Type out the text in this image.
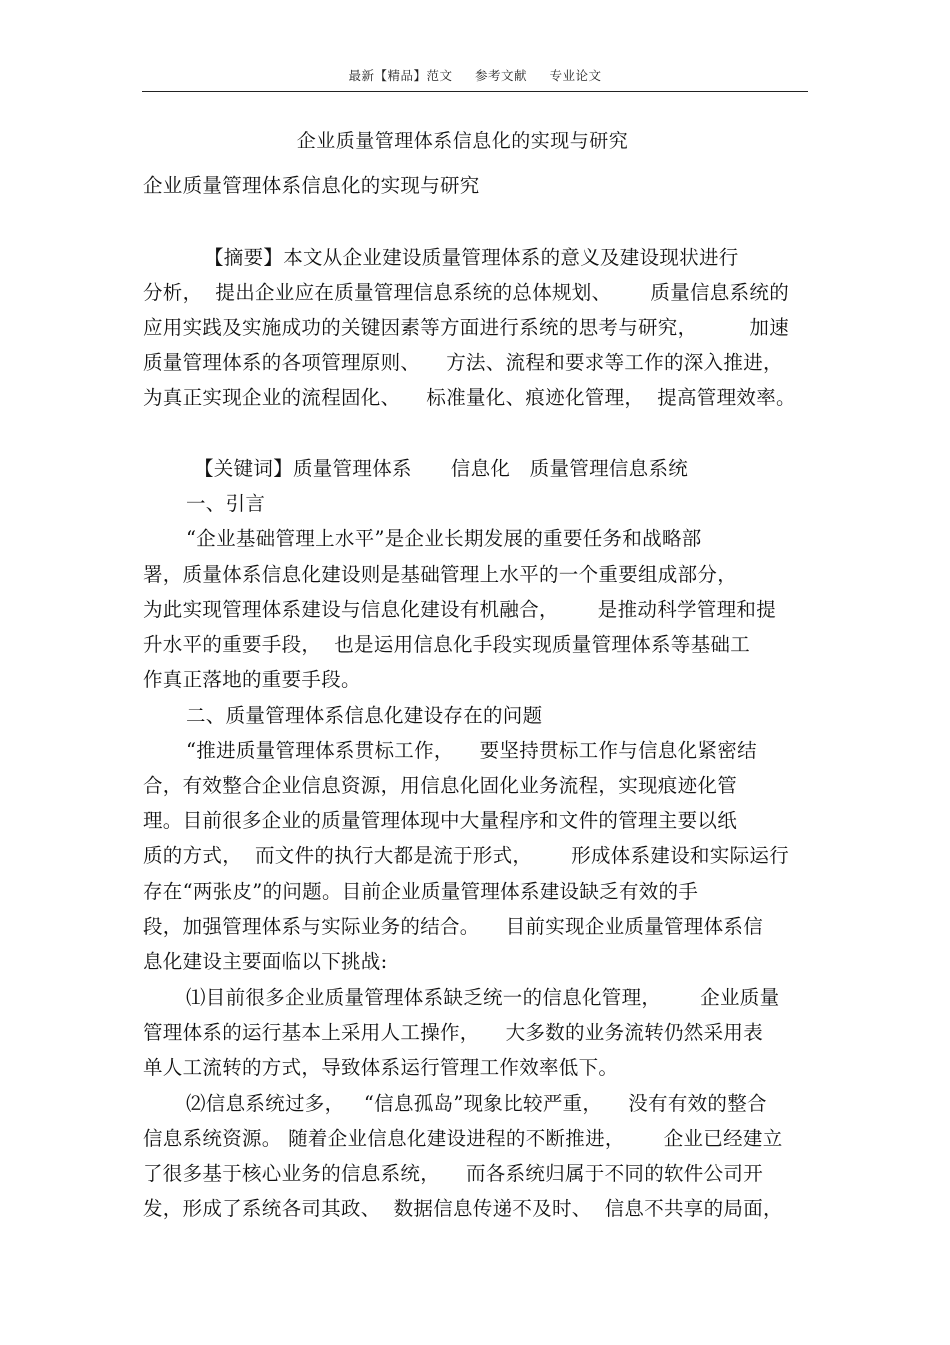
最新【精品】范文 参考文献 专业论文
企业质量管理体系信息化的实现与研究
企业质量管理体系信息化的实现与研究
【摘要】本文从企业建设质量管理体系的意义及建设现状进行
分析，  提出企业应在质量管理信息系统的总体规划、      质量信息系统的
应用实践及实施成功的关键因素等方面进行系统的思考与研究，        加速
质量管理体系的各项管理原则、    方法、流程和要求等工作的深入推进，
为真正实现企业的流程固化、    标准量化、痕迹化管理，  提高管理效率。
【关键词】质量管理体系      信息化   质量管理信息系统
一、引言
“企业基础管理上水平”是企业长期发展的重要任务和战略部
署，质量体系信息化建设则是基础管理上水平的一个重要组成部分，
为此实现管理体系建设与信息化建设有机融合，      是推动科学管理和提
升水平的重要手段，  也是运用信息化手段实现质量管理体系等基础工
作真正落地的重要手段。
二、质量管理体系信息化建设存在的问题
“推进质量管理体系贯标工作，    要坚持贯标工作与信息化紧密结
合，有效整合企业信息资源，用信息化固化业务流程，实现痕迹化管
理。目前很多企业的质量管理体现中大量程序和文件的管理主要以纸
质的方式，  而文件的执行大都是流于形式，      形成体系建设和实际运行
存在“两张皮”的问题。目前企业质量管理体系建设缺乏有效的手
段，加强管理体系与实际业务的结合。    目前实现企业质量管理体系信
息化建设主要面临以下挑战:
⑴目前很多企业质量管理体系缺乏统一的信息化管理，      企业质量
管理体系的运行基本上采用人工操作，    大多数的业务流转仍然采用表
单人工流转的方式，导致体系运行管理工作效率低下。
⑵信息系统过多，   “信息孤岛”现象比较严重，    没有有效的整合
信息系统资源。 随着企业信息化建设进程的不断推进，      企业已经建立
了很多基于核心业务的信息系统，    而各系统归属于不同的软件公司开
发，形成了系统各司其政、  数据信息传递不及时、  信息不共享的局面，
